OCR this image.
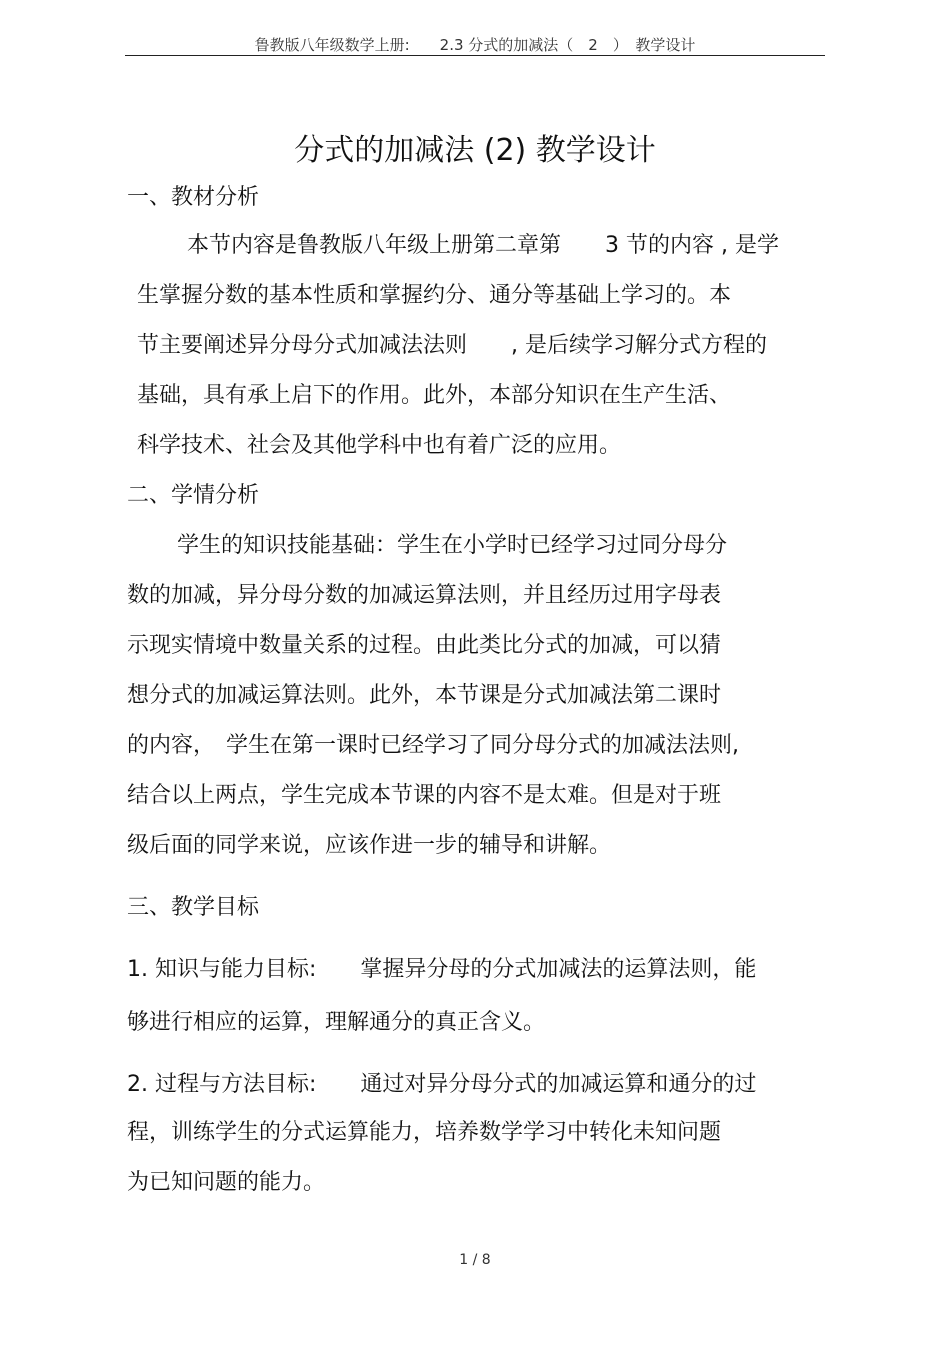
鲁教版八年级数学上册:　　2.3 分式的加减法（　2　）　教学设计
分式的加减法 (2) 教学设计
一、教材分析
本节内容是鲁教版八年级上册第二章第　　3 节的内容 , 是学
生掌握分数的基本性质和掌握约分、通分等基础上学习的。本
节主要阐述异分母分式加减法法则　　, 是后续学习解分式方程的
基础，具有承上启下的作用。此外，本部分知识在生产生活、
科学技术、社会及其他学科中也有着广泛的应用。
二、学情分析
学生的知识技能基础：学生在小学时已经学习过同分母分
数的加减，异分母分数的加减运算法则，并且经历过用字母表
示现实情境中数量关系的过程。由此类比分式的加减，可以猜
想分式的加减运算法则。此外，本节课是分式加减法第二课时
的内容，　学生在第一课时已经学习了同分母分式的加减法法则,
结合以上两点，学生完成本节课的内容不是太难。但是对于班
级后面的同学来说，应该作进一步的辅导和讲解。
三、教学目标
1. 知识与能力目标:　　掌握异分母的分式加减法的运算法则，能
够进行相应的运算，理解通分的真正含义。
2. 过程与方法目标:　　通过对异分母分式的加减运算和通分的过
程，训练学生的分式运算能力，培养数学学习中转化未知问题
为已知问题的能力。
1 / 8
